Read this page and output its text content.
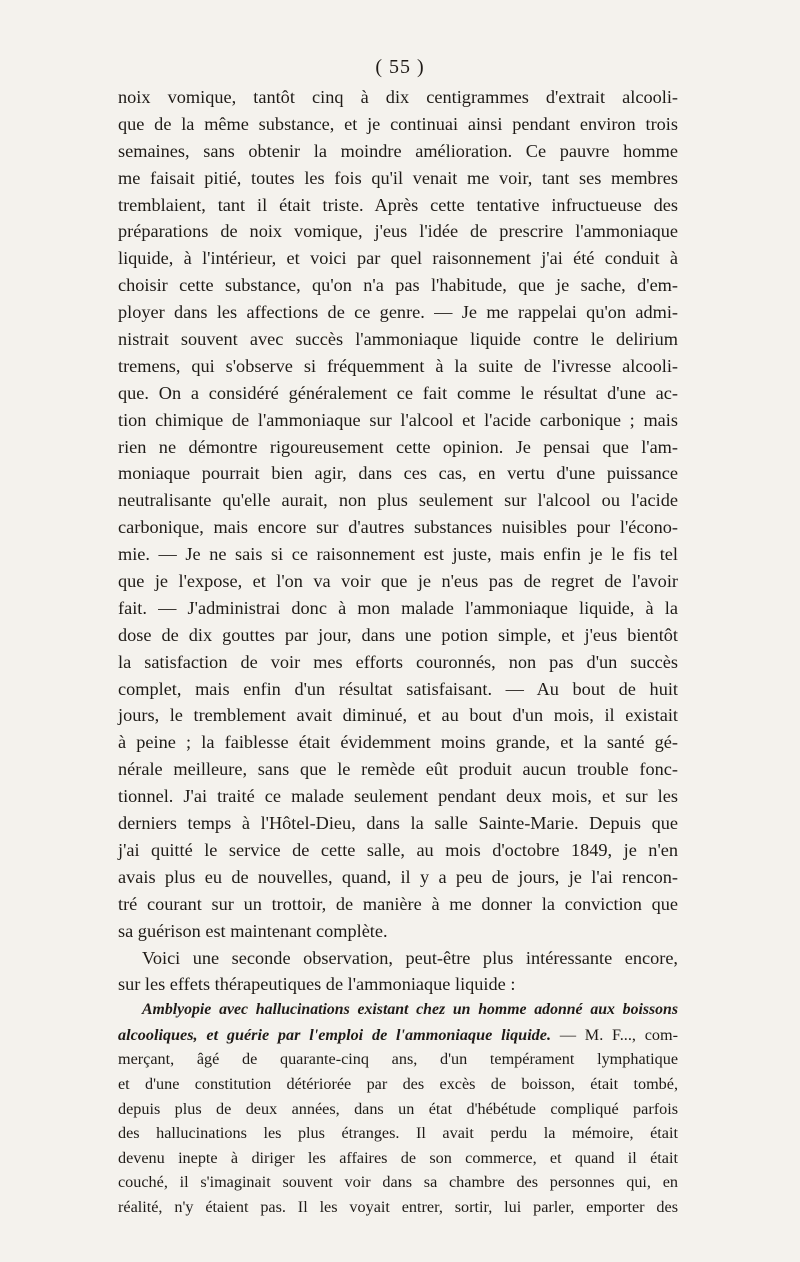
( 55 )
noix vomique, tantôt cinq à dix centigrammes d'extrait alcooli-
que de la même substance, et je continuai ainsi pendant environ trois
semaines, sans obtenir la moindre amélioration. Ce pauvre homme
me faisait pitié, toutes les fois qu'il venait me voir, tant ses membres
tremblaient, tant il était triste. Après cette tentative infructueuse des
préparations de noix vomique, j'eus l'idée de prescrire l'ammoniaque
liquide, à l'intérieur, et voici par quel raisonnement j'ai été conduit à
choisir cette substance, qu'on n'a pas l'habitude, que je sache, d'em-
ployer dans les affections de ce genre. — Je me rappelai qu'on admi-
nistrait souvent avec succès l'ammoniaque liquide contre le delirium
tremens, qui s'observe si fréquemment à la suite de l'ivresse alcooli-
que. On a considéré généralement ce fait comme le résultat d'une ac-
tion chimique de l'ammoniaque sur l'alcool et l'acide carbonique ; mais
rien ne démontre rigoureusement cette opinion. Je pensai que l'am-
moniaque pourrait bien agir, dans ces cas, en vertu d'une puissance
neutralisante qu'elle aurait, non plus seulement sur l'alcool ou l'acide
carbonique, mais encore sur d'autres substances nuisibles pour l'écono-
mie. — Je ne sais si ce raisonnement est juste, mais enfin je le fis tel
que je l'expose, et l'on va voir que je n'eus pas de regret de l'avoir
fait. — J'administrai donc à mon malade l'ammoniaque liquide, à la
dose de dix gouttes par jour, dans une potion simple, et j'eus bientôt
la satisfaction de voir mes efforts couronnés, non pas d'un succès
complet, mais enfin d'un résultat satisfaisant. — Au bout de huit
jours, le tremblement avait diminué, et au bout d'un mois, il existait
à peine ; la faiblesse était évidemment moins grande, et la santé gé-
nérale meilleure, sans que le remède eût produit aucun trouble fonc-
tionnel. J'ai traité ce malade seulement pendant deux mois, et sur les
derniers temps à l'Hôtel-Dieu, dans la salle Sainte-Marie. Depuis que
j'ai quitté le service de cette salle, au mois d'octobre 1849, je n'en
avais plus eu de nouvelles, quand, il y a peu de jours, je l'ai rencon-
tré courant sur un trottoir, de manière à me donner la conviction que
sa guérison est maintenant complète.
Voici une seconde observation, peut-être plus intéressante encore,
sur les effets thérapeutiques de l'ammoniaque liquide :
Amblyopie avec hallucinations existant chez un homme adonné aux boissons
alcooliques, et guérie par l'emploi de l'ammoniaque liquide. — M. F..., com-
merçant, âgé de quarante-cinq ans, d'un tempérament lymphatique
et d'une constitution détériorée par des excès de boisson, était tombé,
depuis plus de deux années, dans un état d'hébétude compliqué parfois
des hallucinations les plus étranges. Il avait perdu la mémoire, était
devenu inepte à diriger les affaires de son commerce, et quand il était
couché, il s'imaginait souvent voir dans sa chambre des personnes qui, en
réalité, n'y étaient pas. Il les voyait entrer, sortir, lui parler, emporter des
